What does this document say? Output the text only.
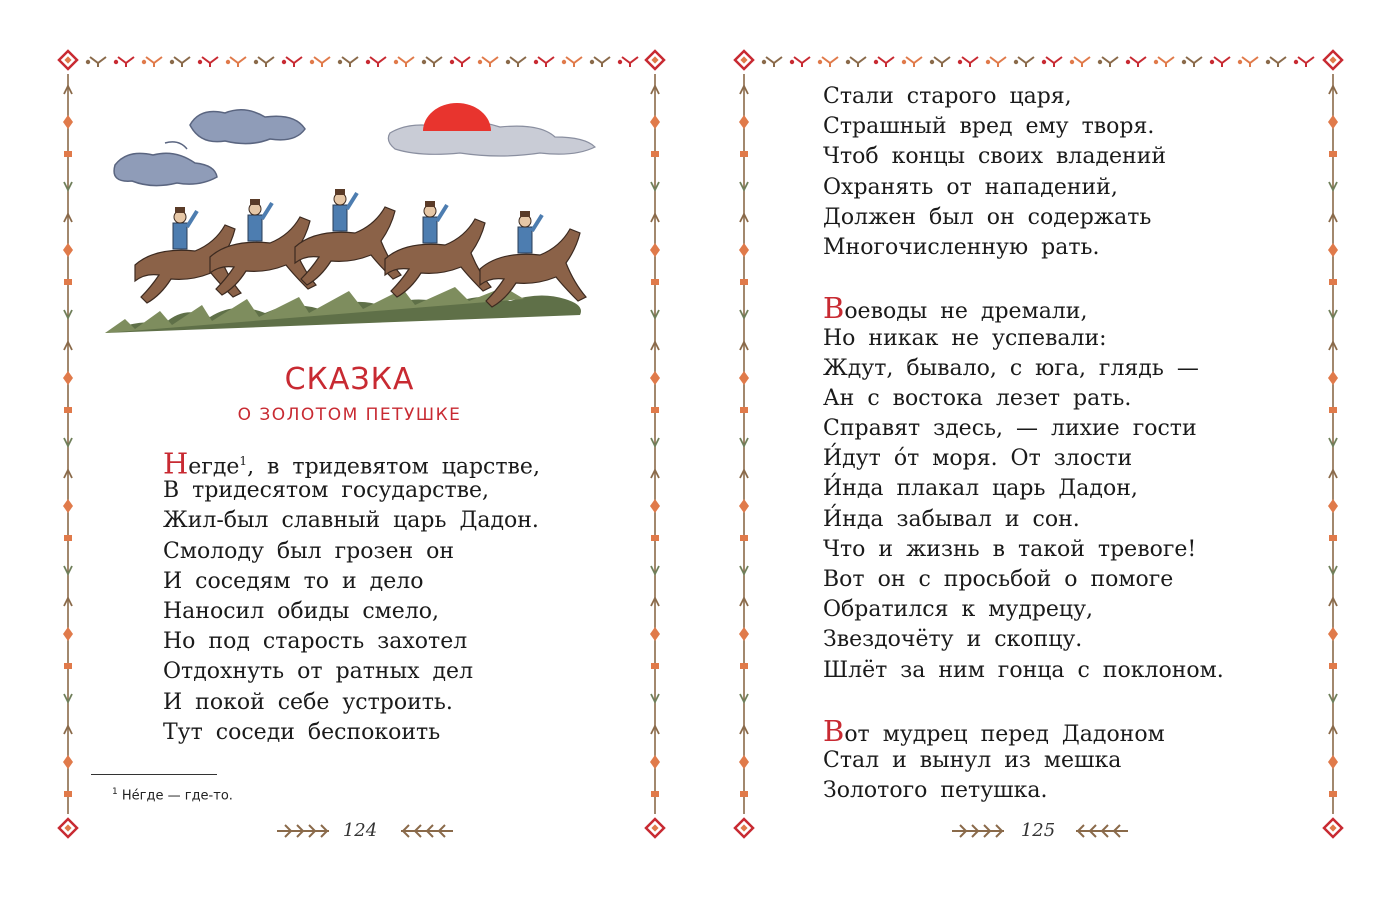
СКАЗКА
О ЗОЛОТОМ ПЕТУШКЕ
Негде$^1$, в тридевятом царстве,
В тридесятом государстве,
Жил-был славный царь Дадон.
Смолоду был грозен он
И соседям то и дело
Наносил обиды смело,
Но под старость захотел
Отдохнуть от ратных дел
И покой себе устроить.
Тут соседи беспокоить
$^1$ Не́где — где-то.
124
Стали старого царя,
Страшный вред ему творя.
Чтоб концы своих владений
Охранять от нападений,
Должен был он содержать
Многочисленную рать.
Воеводы не дремали,
Но никак не успевали:
Ждут, бывало, с юга, глядь —
Ан с востока лезет рать.
Справят здесь, — лихие гости
И́дут о́т моря. От злости
И́нда плакал царь Дадон,
И́нда забывал и сон.
Что и жизнь в такой тревоге!
Вот он с просьбой о помоге
Обратился к мудрецу,
Звездочёту и скопцу.
Шлёт за ним гонца с поклоном.
Вот мудрец перед Дадоном
Стал и вынул из мешка
Золотого петушка.
125
